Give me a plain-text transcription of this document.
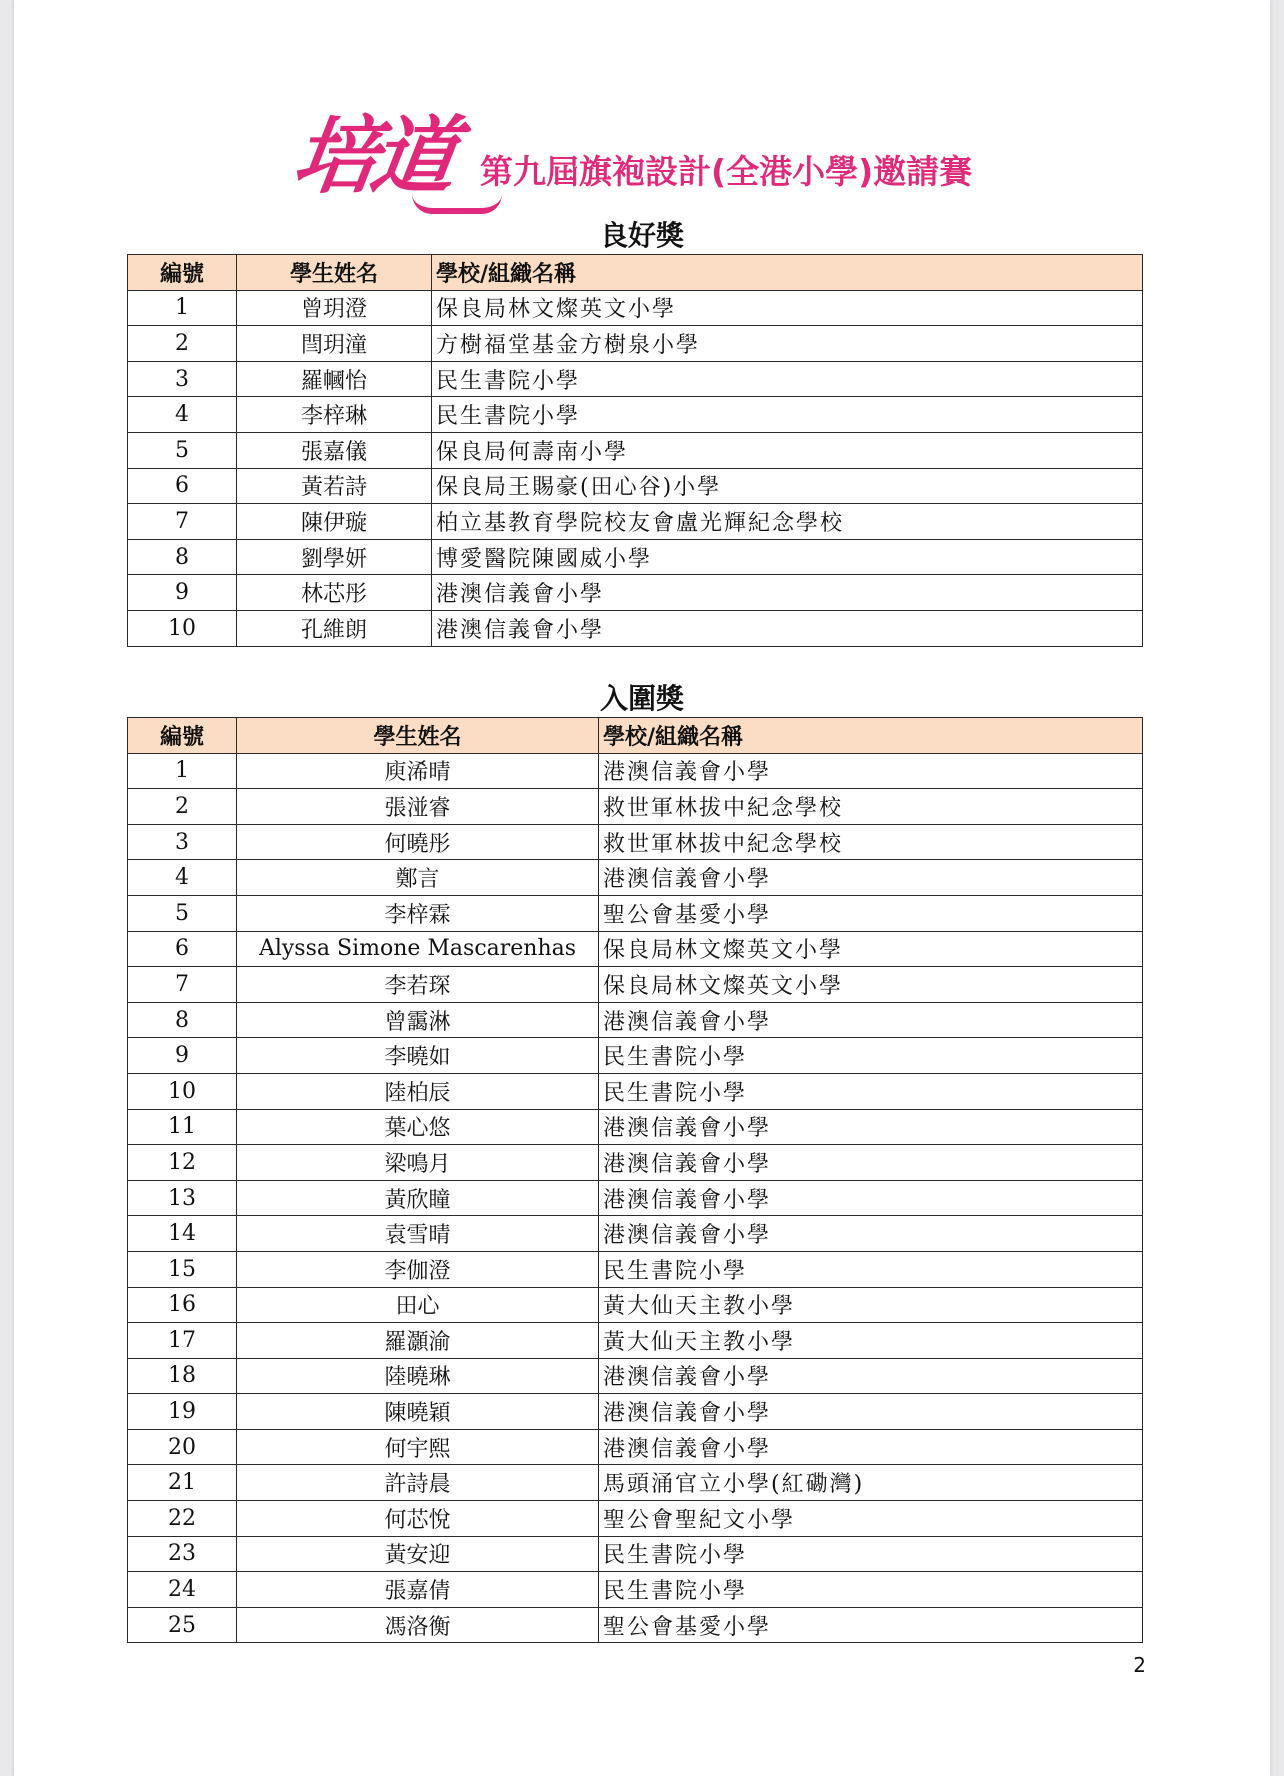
培道 第九屆旗袍設計(全港小學)邀請賽
良好獎
編號	學生姓名	學校/組織名稱
1	曾玥澄	保良局林文燦英文小學
2	閆玥潼	方樹福堂基金方樹泉小學
3	羅幗怡	民生書院小學
4	李梓琳	民生書院小學
5	張嘉儀	保良局何壽南小學
6	黃若詩	保良局王賜豪(田心谷)小學
7	陳伊璇	柏立基教育學院校友會盧光輝紀念學校
8	劉學妍	博愛醫院陳國威小學
9	林芯彤	港澳信義會小學
10	孔維朗	港澳信義會小學
入圍獎
編號	學生姓名	學校/組織名稱
1	庾浠晴	港澳信義會小學
2	張湴睿	救世軍林拔中紀念學校
3	何曉彤	救世軍林拔中紀念學校
4	鄭言	港澳信義會小學
5	李梓霖	聖公會基愛小學
6	Alyssa Simone Mascarenhas	保良局林文燦英文小學
7	李若琛	保良局林文燦英文小學
8	曾靄淋	港澳信義會小學
9	李曉如	民生書院小學
10	陸柏辰	民生書院小學
11	葉心悠	港澳信義會小學
12	梁鳴月	港澳信義會小學
13	黃欣瞳	港澳信義會小學
14	袁雪晴	港澳信義會小學
15	李伽澄	民生書院小學
16	田心	黃大仙天主教小學
17	羅灝渝	黃大仙天主教小學
18	陸曉琳	港澳信義會小學
19	陳曉穎	港澳信義會小學
20	何宇熙	港澳信義會小學
21	許詩晨	馬頭涌官立小學(紅磡灣)
22	何芯悅	聖公會聖紀文小學
23	黃安迎	民生書院小學
24	張嘉倩	民生書院小學
25	馮洛衡	聖公會基愛小學
2
